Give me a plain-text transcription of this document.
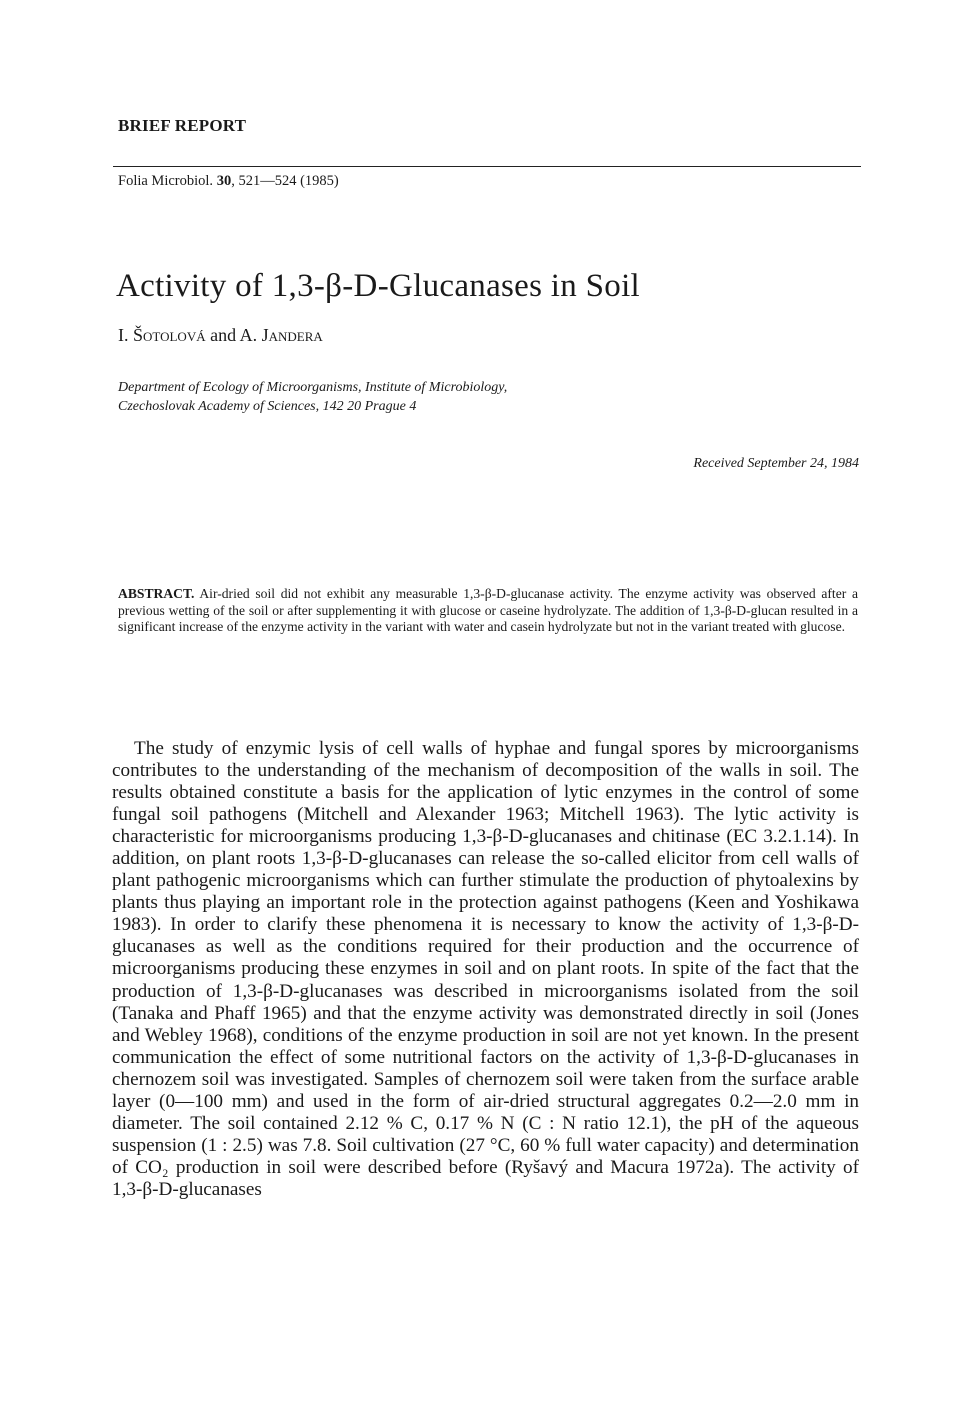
BRIEF REPORT
Folia Microbiol. 30, 521—524 (1985)
Activity of 1,3-β-D-Glucanases in Soil
I. Šotolová and A. Jandera
Department of Ecology of Microorganisms, Institute of Microbiology,
Czechoslovak Academy of Sciences, 142 20 Prague 4
Received September 24, 1984
ABSTRACT. Air-dried soil did not exhibit any measurable 1,3-β-D-glucanase activity. The enzyme activity was observed after a previous wetting of the soil or after supplementing it with glucose or caseine hydrolyzate. The addition of 1,3-β-D-glucan resulted in a significant increase of the enzyme activity in the variant with water and casein hydrolyzate but not in the variant treated with glucose.
The study of enzymic lysis of cell walls of hyphae and fungal spores by microorganisms contributes to the understanding of the mechanism of decomposition of the walls in soil. The results obtained constitute a basis for the application of lytic enzymes in the control of some fungal soil pathogens (Mitchell and Alexander 1963; Mitchell 1963). The lytic activity is characteristic for microorganisms producing 1,3-β-D-glucanases and chitinase (EC 3.2.1.14). In addition, on plant roots 1,3-β-D-glucanases can release the so-called elicitor from cell walls of plant pathogenic microorganisms which can further stimulate the production of phytoalexins by plants thus playing an important role in the protection against pathogens (Keen and Yoshikawa 1983). In order to clarify these phenomena it is necessary to know the activity of 1,3-β-D-glucanases as well as the conditions required for their production and the occurrence of microorganisms producing these enzymes in soil and on plant roots. In spite of the fact that the production of 1,3-β-D-glucanases was described in microorganisms isolated from the soil (Tanaka and Phaff 1965) and that the enzyme activity was demonstrated directly in soil (Jones and Webley 1968), conditions of the enzyme production in soil are not yet known. In the present communication the effect of some nutritional factors on the activity of 1,3-β-D-glucanases in chernozem soil was investigated. Samples of chernozem soil were taken from the surface arable layer (0—100 mm) and used in the form of air-dried structural aggregates 0.2—2.0 mm in diameter. The soil contained 2.12 % C, 0.17 % N (C : N ratio 12.1), the pH of the aqueous suspension (1 : 2.5) was 7.8. Soil cultivation (27 °C, 60 % full water capacity) and determination of CO₂ production in soil were described before (Ryšavý and Macura 1972a). The activity of 1,3-β-D-glucanases
